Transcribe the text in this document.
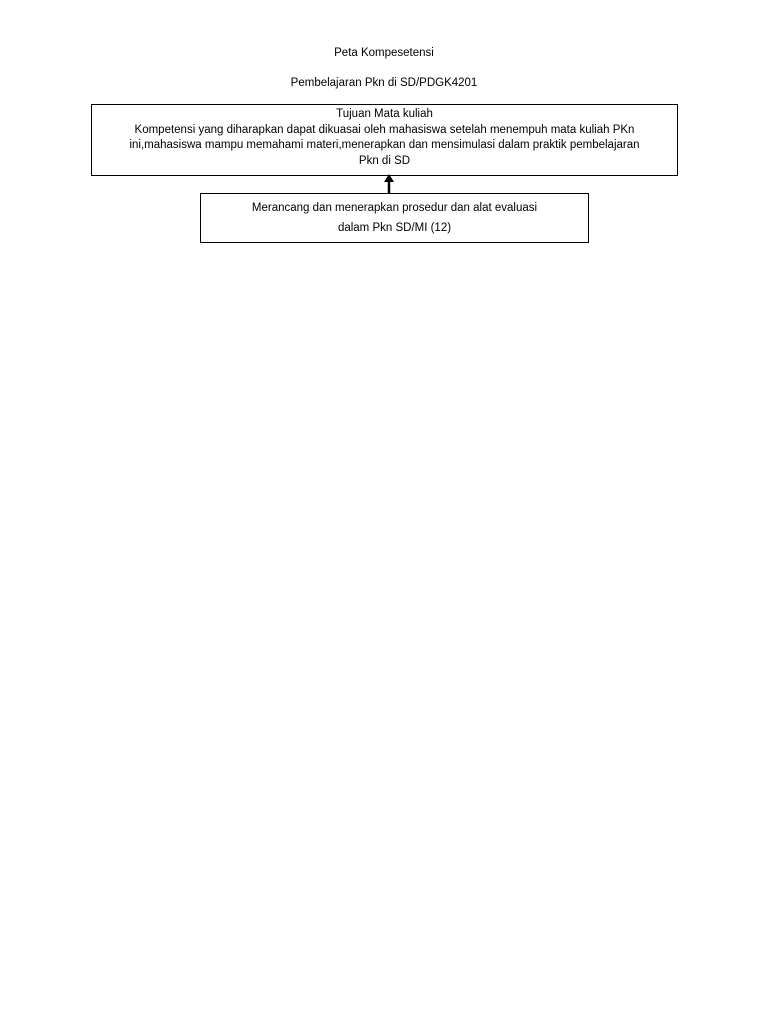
Peta Kompesetensi
Pembelajaran Pkn di SD/PDGK4201
Tujuan Mata kuliah
Kompetensi yang diharapkan dapat dikuasai oleh mahasiswa setelah menempuh mata kuliah PKn
ini,mahasiswa mampu memahami materi,menerapkan dan mensimulasi dalam praktik pembelajaran
Pkn di SD
Merancang dan menerapkan prosedur dan alat evaluasi
dalam Pkn SD/MI (12)
